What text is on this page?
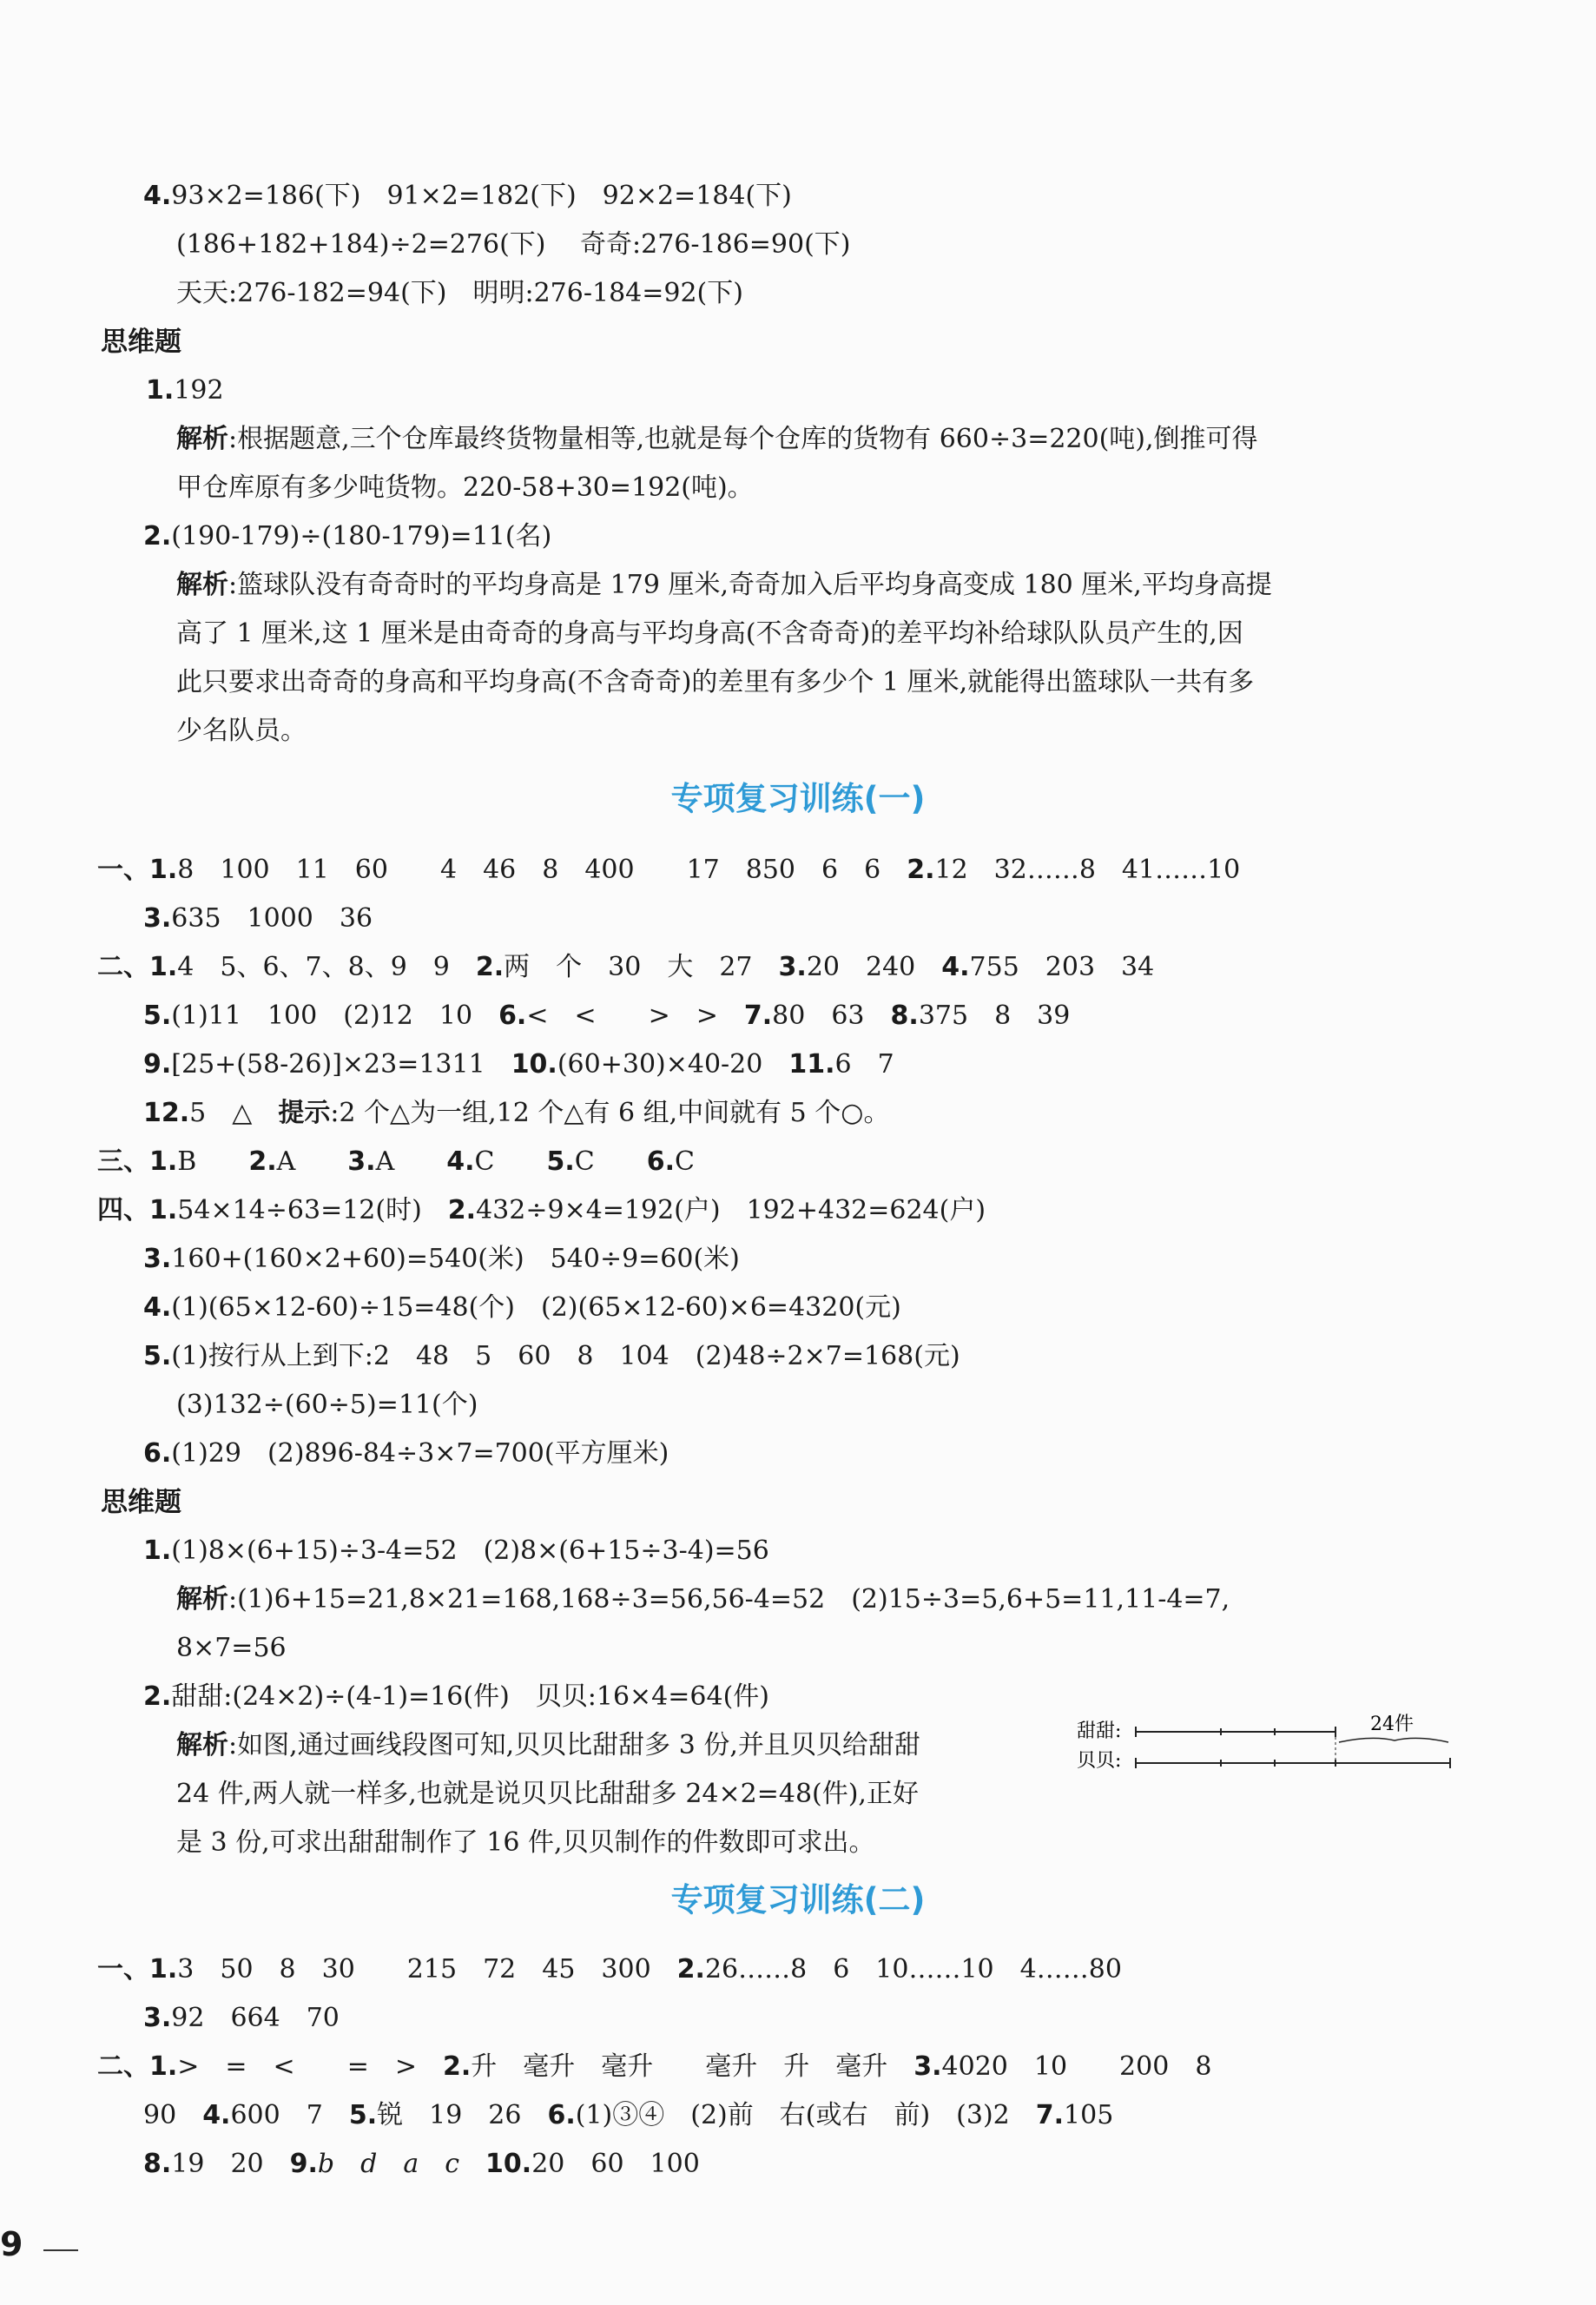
4.93×2=186(下)　91×2=182(下)　92×2=184(下)
(186+182+184)÷2=276(下)　 奇奇:276-186=90(下)
天天:276-182=94(下)　明明:276-184=92(下)
思维题
1.192
解析:根据题意,三个仓库最终货物量相等,也就是每个仓库的货物有 660÷3=220(吨),倒推可得
甲仓库原有多少吨货物。220-58+30=192(吨)。
2.(190-179)÷(180-179)=11(名)
解析:篮球队没有奇奇时的平均身高是 179 厘米,奇奇加入后平均身高变成 180 厘米,平均身高提
高了 1 厘米,这 1 厘米是由奇奇的身高与平均身高(不含奇奇)的差平均补给球队队员产生的,因
此只要求出奇奇的身高和平均身高(不含奇奇)的差里有多少个 1 厘米,就能得出篮球队一共有多
少名队员。
专项复习训练(一)
一、1.8　100　11　60　　4　46　8　400　　17　850　6　6　 2.12　32……8　41……10
3.635　1000　36
二、1.4　5、6、7、8、9　9　 2.两　个　30　大　27　 3.20　240　 4.755　203　34
5.(1)11　100　(2)12　10　 6.<　<　　>　>　 7.80　63　 8.375　8　39
9.[25+(58-26)]×23=1311　 10.(60+30)×40-20　 11.6　7
12.5　△　 提示:2 个△为一组,12 个△有 6 组,中间就有 5 个○。
三、1.B　　 2.A　　 3.A　　 4.C　　 5.C　　 6.C
四、1.54×14÷63=12(时)　 2.432÷9×4=192(户)　192+432=624(户)
3.160+(160×2+60)=540(米)　540÷9=60(米)
4.(1)(65×12-60)÷15=48(个)　(2)(65×12-60)×6=4320(元)
5.(1)按行从上到下:2　48　5　60　8　104　(2)48÷2×7=168(元)
(3)132÷(60÷5)=11(个)
6.(1)29　(2)896-84÷3×7=700(平方厘米)
思维题
1.(1)8×(6+15)÷3-4=52　(2)8×(6+15÷3-4)=56
解析:(1)6+15=21,8×21=168,168÷3=56,56-4=52　(2)15÷3=5,6+5=11,11-4=7,
8×7=56
2.甜甜:(24×2)÷(4-1)=16(件)　贝贝:16×4=64(件)
解析:如图,通过画线段图可知,贝贝比甜甜多 3 份,并且贝贝给甜甜
24 件,两人就一样多,也就是说贝贝比甜甜多 24×2=48(件),正好
是 3 份,可求出甜甜制作了 16 件,贝贝制作的件数即可求出。
甜甜:
贝贝:
24件
专项复习训练(二)
一、1.3　50　8　30　　215　72　45　300　 2.26……8　6　10……10　4……80
3.92　664　70
二、1.>　=　<　　=　>　 2.升　毫升　毫升　　毫升　升　毫升　 3.4020　10　　200　8
90　 4.600　7　 5.锐　19　26　 6.(1)③④　(2)前　右(或右　前)　(3)2　 7.105
8.19　20　 9.b　d　a　c　 10.20　60　100
9
